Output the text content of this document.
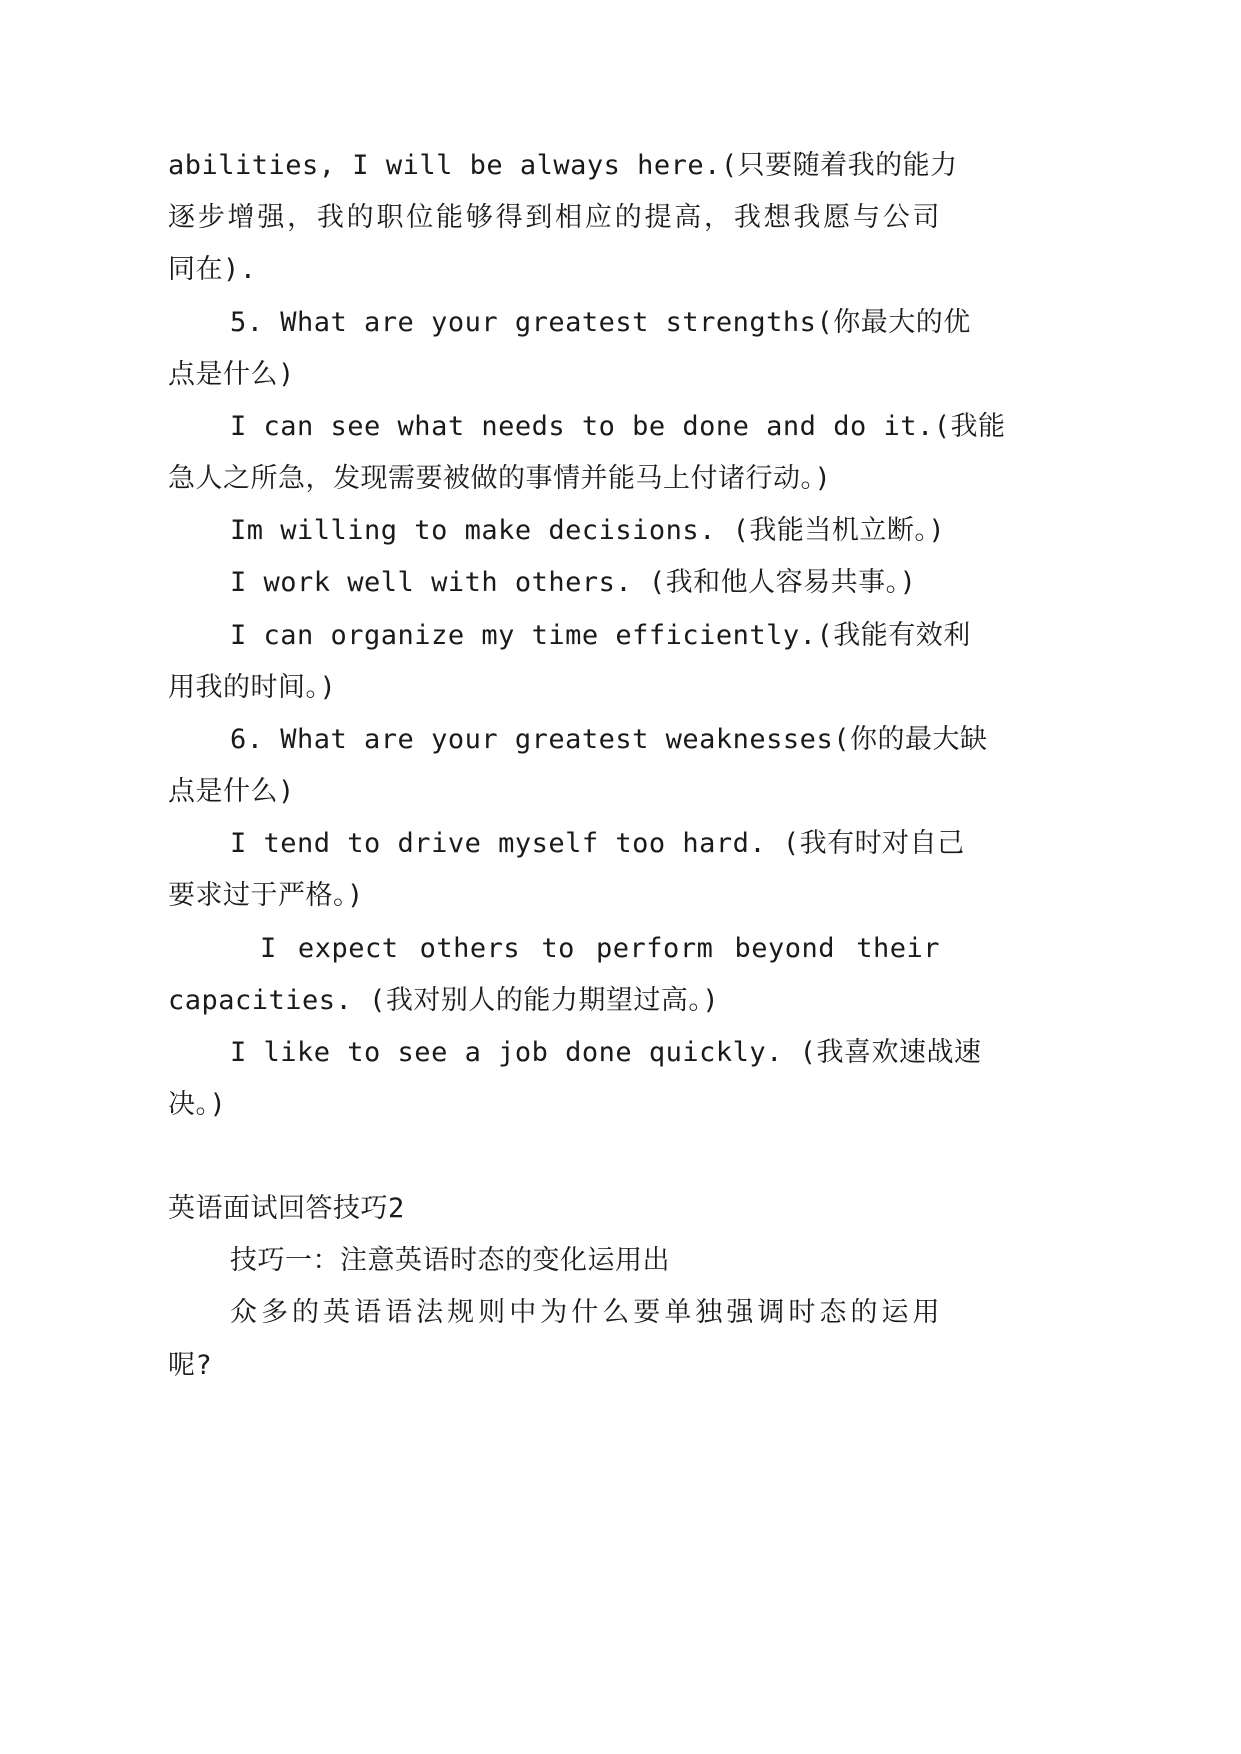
abilities, I will be always here.(只要随着我的能力
逐步增强，我的职位能够得到相应的提高，我想我愿与公司
同在).
5. What are your greatest strengths(你最大的优
点是什么)
I can see what needs to be done and do it.(我能
急人之所急，发现需要被做的事情并能马上付诸行动。)
Im willing to make decisions. (我能当机立断。)
I work well with others. (我和他人容易共事。)
I can organize my time efficiently.(我能有效利
用我的时间。)
6. What are your greatest weaknesses(你的最大缺
点是什么)
I tend to drive myself too hard. (我有时对自己
要求过于严格。)
I expect others to perform beyond their
capacities. (我对别人的能力期望过高。)
I like to see a job done quickly. (我喜欢速战速
决。)
英语面试回答技巧2
技巧一：注意英语时态的变化运用出
众多的英语语法规则中为什么要单独强调时态的运用
呢?
